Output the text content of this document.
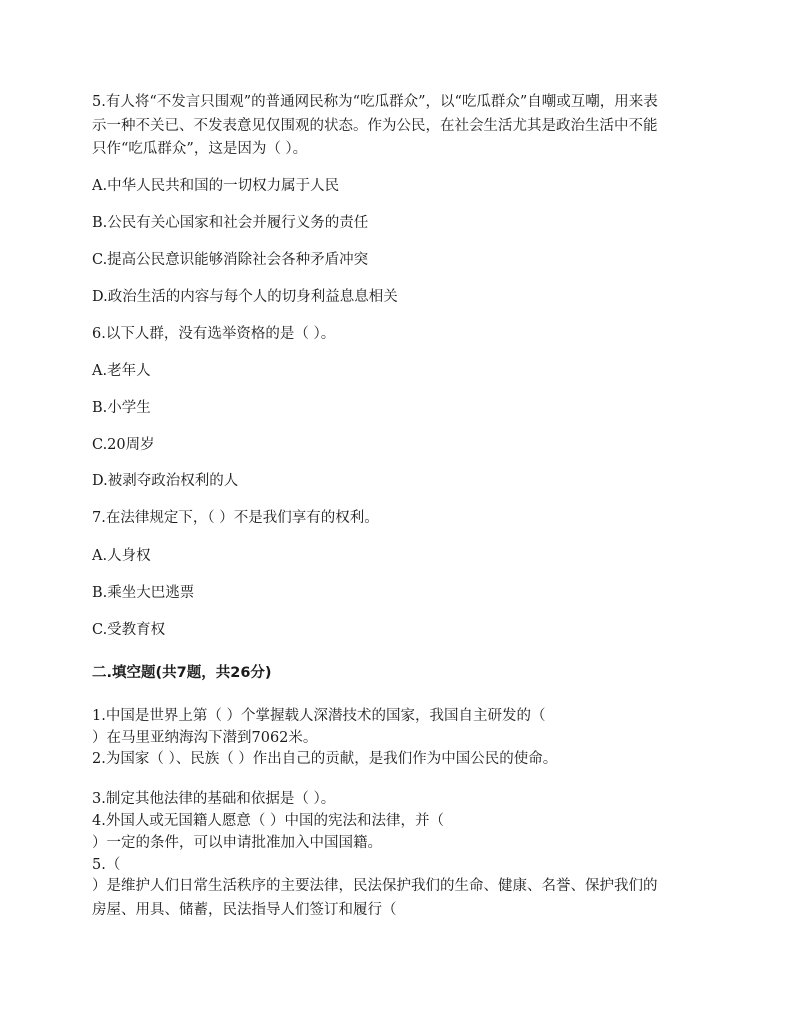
5.有人将“不发言只围观”的普通网民称为“吃瓜群众”，以“吃瓜群众”自嘲或互嘲，用来表
示一种不关已、不发表意见仅围观的状态。作为公民，在社会生活尤其是政治生活中不能
只作“吃瓜群众”，这是因为（ ）。
A.中华人民共和国的一切权力属于人民
B.公民有关心国家和社会并履行义务的责任
C.提高公民意识能够消除社会各种矛盾冲突
D.政治生活的内容与每个人的切身利益息息相关
6.以下人群，没有选举资格的是（ ）。
A.老年人
B.小学生
C.20周岁
D.被剥夺政治权利的人
7.在法律规定下，（ ）不是我们享有的权利。
A.人身权
B.乘坐大巴逃票
C.受教育权
二.填空题(共7题，共26分)
1.中国是世界上第（ ）个掌握载人深潜技术的国家，我国自主研发的（
）在马里亚纳海沟下潜到7062米。
2.为国家（ ）、民族（ ）作出自己的贡献，是我们作为中国公民的使命。
3.制定其他法律的基础和依据是（ ）。
4.外国人或无国籍人愿意（ ）中国的宪法和法律，并（
）一定的条件，可以申请批准加入中国国籍。
5.（
）是维护人们日常生活秩序的主要法律，民法保护我们的生命、健康、名誉、保护我们的
房屋、用具、储蓄，民法指导人们签订和履行（
